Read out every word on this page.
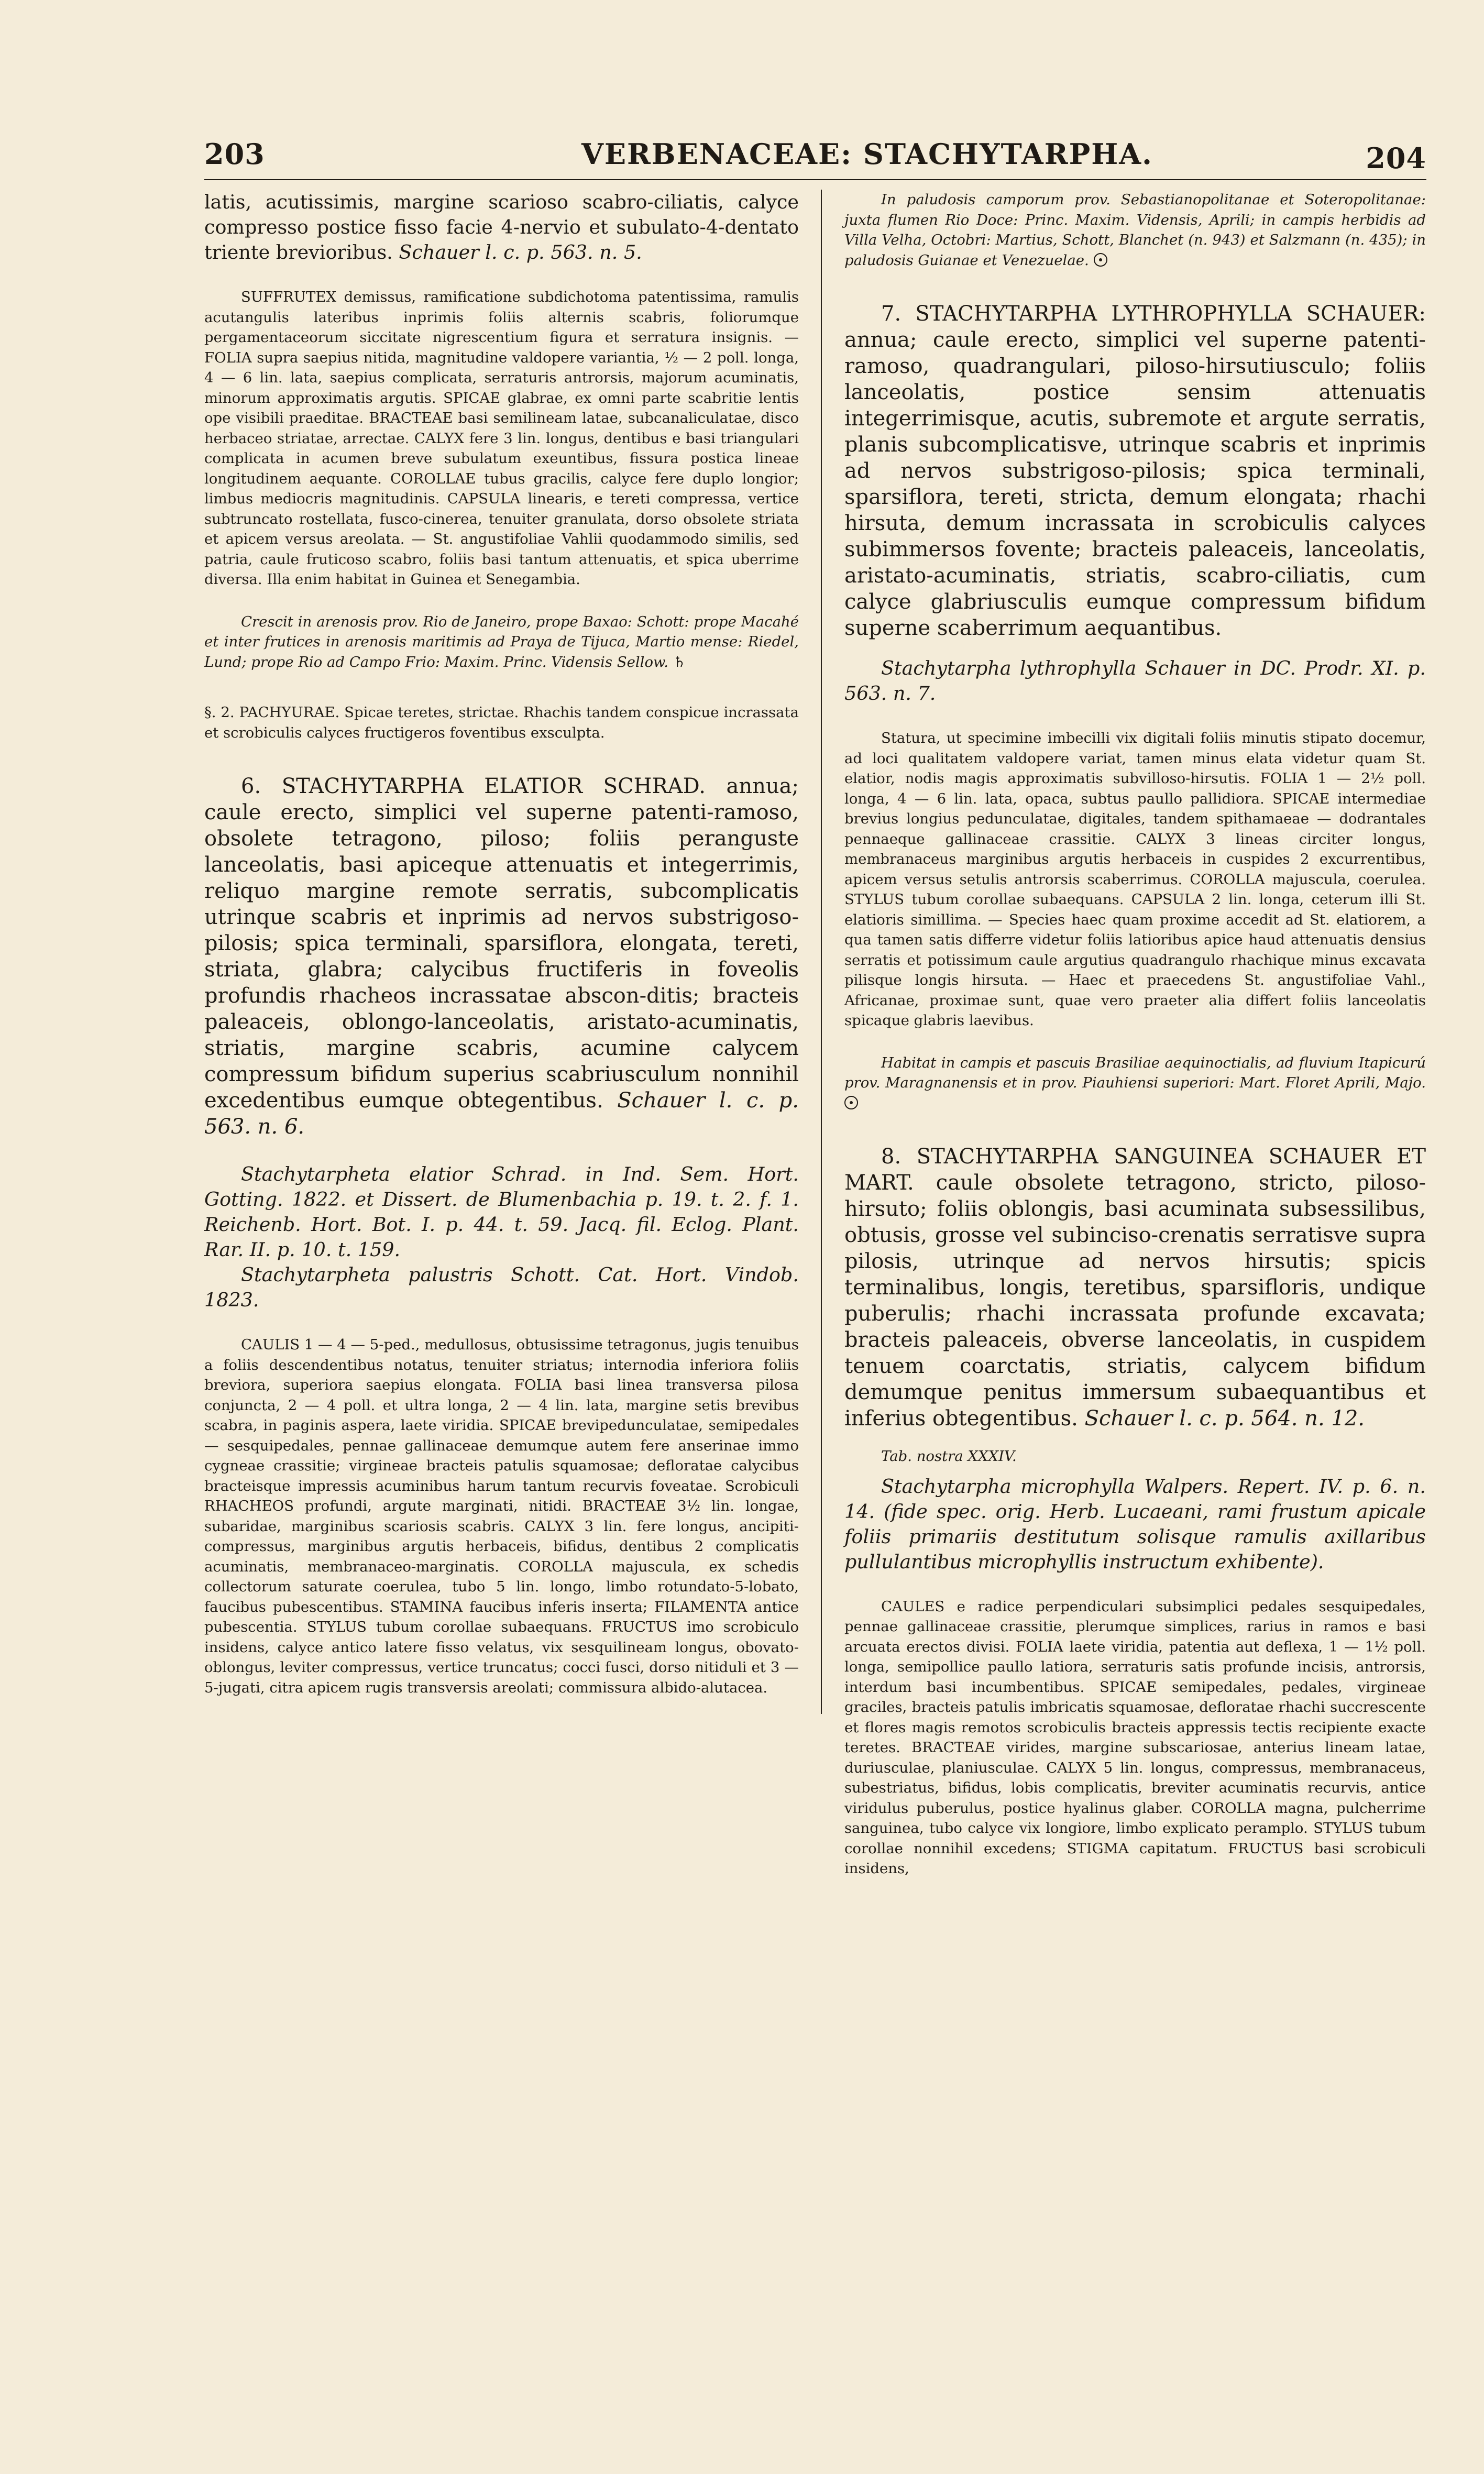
203	VERBENACEAE: STACHYTARPHA.	204

latis, acutissimis, margine scarioso scabro-ciliatis, calyce compresso postice fisso facie 4-nervio et subulato-4-dentato triente brevioribus. Schauer l. c. p. 563. n. 5.

SUFFRUTEX demissus, ramificatione subdichotoma patentissima, ramulis acutangulis lateribus inprimis foliis alternis scabris, foliorumque pergamentaceorum siccitate nigrescentium figura et serratura insignis. — FOLIA supra saepius nitida, magnitudine valdopere variantia, ½ — 2 poll. longa, 4 — 6 lin. lata, saepius complicata, serraturis antrorsis, majorum acuminatis, minorum approximatis argutis. SPICAE glabrae, ex omni parte scabritie lentis ope visibili praeditae. BRACTEAE basi semilineam latae, subcanaliculatae, disco herbaceo striatae, arrectae. CALYX fere 3 lin. longus, dentibus e basi triangulari complicata in acumen breve subulatum exeuntibus, fissura postica lineae longitudinem aequante. COROLLAE tubus gracilis, calyce fere duplo longior; limbus mediocris magnitudinis. CAPSULA linearis, e tereti compressa, vertice subtruncato rostellata, fusco-cinerea, tenuiter granulata, dorso obsolete striata et apicem versus areolata. — St. angustifoliae Vahlii quodammodo similis, sed patria, caule fruticoso scabro, foliis basi tantum attenuatis, et spica uberrime diversa. Illa enim habitat in Guinea et Senegambia.

Crescit in arenosis prov. Rio de Janeiro, prope Baxao: Schott: prope Macahé et inter frutices in arenosis maritimis ad Praya de Tijuca, Martio mense: Riedel, Lund; prope Rio ad Campo Frio: Maxim. Princ. Vidensis Sellow. ♄

§. 2. PACHYURAE. Spicae teretes, strictae. Rhachis tandem conspicue incrassata et scrobiculis calyces fructigeros foventibus exsculpta.

6. STACHYTARPHA ELATIOR SCHRAD. annua; caule erecto, simplici vel superne patenti-ramoso, obsolete tetragono, piloso; foliis peranguste lanceolatis, basi apiceque attenuatis et integerrimis, reliquo margine remote serratis, subcomplicatis utrinque scabris et inprimis ad nervos substrigoso-pilosis; spica terminali, sparsiflora, elongata, tereti, striata, glabra; calycibus fructiferis in foveolis profundis rhacheos incrassatae abscon-ditis; bracteis paleaceis, oblongo-lanceolatis, aristato-acuminatis, striatis, margine scabris, acumine calycem compressum bifidum superius scabriusculum nonnihil excedentibus eumque obtegentibus. Schauer l. c. p. 563. n. 6.

Stachytarpheta elatior Schrad. in Ind. Sem. Hort. Gotting. 1822. et Dissert. de Blumenbachia p. 19. t. 2. f. 1. Reichenb. Hort. Bot. I. p. 44. t. 59. Jacq. fil. Eclog. Plant. Rar. II. p. 10. t. 159.

Stachytarpheta palustris Schott. Cat. Hort. Vindob. 1823.

CAULIS 1 — 4 — 5-ped., medullosus, obtusissime tetragonus, jugis tenuibus a foliis descendentibus notatus, tenuiter striatus; internodia inferiora foliis breviora, superiora saepius elongata. FOLIA basi linea transversa pilosa conjuncta, 2 — 4 poll. et ultra longa, 2 — 4 lin. lata, margine setis brevibus scabra, in paginis aspera, laete viridia. SPICAE brevipedunculatae, semipedales — sesquipedales, pennae gallinaceae demumque autem fere anserinae immo cygneae crassitie; virgineae bracteis patulis squamosae; defloratae calycibus bracteisque impressis acuminibus harum tantum recurvis foveatae. Scrobiculi RHACHEOS profundi, argute marginati, nitidi. BRACTEAE 3½ lin. longae, subaridae, marginibus scariosis scabris. CALYX 3 lin. fere longus, ancipiti-compressus, marginibus argutis herbaceis, bifidus, dentibus 2 complicatis acuminatis, membranaceo-marginatis. COROLLA majuscula, ex schedis collectorum saturate coerulea, tubo 5 lin. longo, limbo rotundato-5-lobato, faucibus pubescentibus. STAMINA faucibus inferis inserta; FILAMENTA antice pubescentia. STYLUS tubum corollae subaequans. FRUCTUS imo scrobiculo insidens, calyce antico latere fisso velatus, vix sesquilineam longus, obovato-oblongus, leviter compressus, vertice truncatus; cocci fusci, dorso nitiduli et 3 — 5-jugati, citra apicem rugis transversis areolati; commissura albido-alutacea.

In paludosis camporum prov. Sebastianopolitanae et Soteropolitanae: juxta flumen Rio Doce: Princ. Maxim. Vidensis, Aprili; in campis herbidis ad Villa Velha, Octobri: Martius, Schott, Blanchet (n. 943) et Salzmann (n. 435); in paludosis Guianae et Venezuelae.

7. STACHYTARPHA LYTHROPHYLLA SCHAUER: annua; caule erecto, simplici vel superne patenti-ramoso, quadrangulari, piloso-hirsutiusculo; foliis lanceolatis, postice sensim attenuatis integerrimisque, acutis, subremote et argute serratis, planis subcomplicatisve, utrinque scabris et inprimis ad nervos substrigoso-pilosis; spica terminali, sparsiflora, tereti, stricta, demum elongata; rhachi hirsuta, demum incrassata in scrobiculis calyces subimmersos fovente; bracteis paleaceis, lanceolatis, aristato-acuminatis, striatis, scabro-ciliatis, cum calyce glabriusculis eumque compressum bifidum superne scaberrimum aequantibus.

Stachytarpha lythrophylla Schauer in DC. Prodr. XI. p. 563. n. 7.

Statura, ut specimine imbecilli vix digitali foliis minutis stipato docemur, ad loci qualitatem valdopere variat, tamen minus elata videtur quam St. elatior, nodis magis approximatis subvilloso-hirsutis. FOLIA 1 — 2½ poll. longa, 4 — 6 lin. lata, opaca, subtus paullo pallidiora. SPICAE intermediae brevius longius pedunculatae, digitales, tandem spithamaeae — dodrantales pennaeque gallinaceae crassitie. CALYX 3 lineas circiter longus, membranaceus marginibus argutis herbaceis in cuspides 2 excurrentibus, apicem versus setulis antrorsis scaberrimus. COROLLA majuscula, coerulea. STYLUS tubum corollae subaequans. CAPSULA 2 lin. longa, ceterum illi St. elatioris simillima. — Species haec quam proxime accedit ad St. elatiorem, a qua tamen satis differre videtur foliis latioribus apice haud attenuatis densius serratis et potissimum caule argutius quadrangulo rhachique minus excavata pilisque longis hirsuta. — Haec et praecedens St. angustifoliae Vahl., Africanae, proximae sunt, quae vero praeter alia differt foliis lanceolatis spicaque glabris laevibus.

Habitat in campis et pascuis Brasiliae aequinoctialis, ad fluvium Itapicurú prov. Maragnanensis et in prov. Piauhiensi superiori: Mart. Floret Aprili, Majo.

8. STACHYTARPHA SANGUINEA SCHAUER ET MART. caule obsolete tetragono, stricto, piloso-hirsuto; foliis oblongis, basi acuminata subsessilibus, obtusis, grosse vel subinciso-crenatis serratisve supra pilosis, utrinque ad nervos hirsutis; spicis terminalibus, longis, teretibus, sparsifloris, undique puberulis; rhachi incrassata profunde excavata; bracteis paleaceis, obverse lanceolatis, in cuspidem tenuem coarctatis, striatis, calycem bifidum demumque penitus immersum subaequantibus et inferius obtegentibus. Schauer l. c. p. 564. n. 12.

Tab. nostra XXXIV.

Stachytarpha microphylla Walpers. Repert. IV. p. 6. n. 14. (fide spec. orig. Herb. Lucaeani, rami frustum apicale foliis primariis destitutum solisque ramulis axillaribus pullulantibus microphyllis instructum exhibente).

CAULES e radice perpendiculari subsimplici pedales sesquipedales, pennae gallinaceae crassitie, plerumque simplices, rarius in ramos e basi arcuata erectos divisi. FOLIA laete viridia, patentia aut deflexa, 1 — 1½ poll. longa, semipollice paullo latiora, serraturis satis profunde incisis, antrorsis, interdum basi incumbentibus. SPICAE semipedales, pedales, virgineae graciles, bracteis patulis imbricatis squamosae, defloratae rhachi succrescente et flores magis remotos scrobiculis bracteis appressis tectis recipiente exacte teretes. BRACTEAE virides, margine subscariosae, anterius lineam latae, duriusculae, planiusculae. CALYX 5 lin. longus, compressus, membranaceus, subestriatus, bifidus, lobis complicatis, breviter acuminatis recurvis, antice viridulus puberulus, postice hyalinus glaber. COROLLA magna, pulcherrime sanguinea, tubo calyce vix longiore, limbo explicato peramplo. STYLUS tubum corollae nonnihil excedens; STIGMA capitatum. FRUCTUS basi scrobiculi insidens,
